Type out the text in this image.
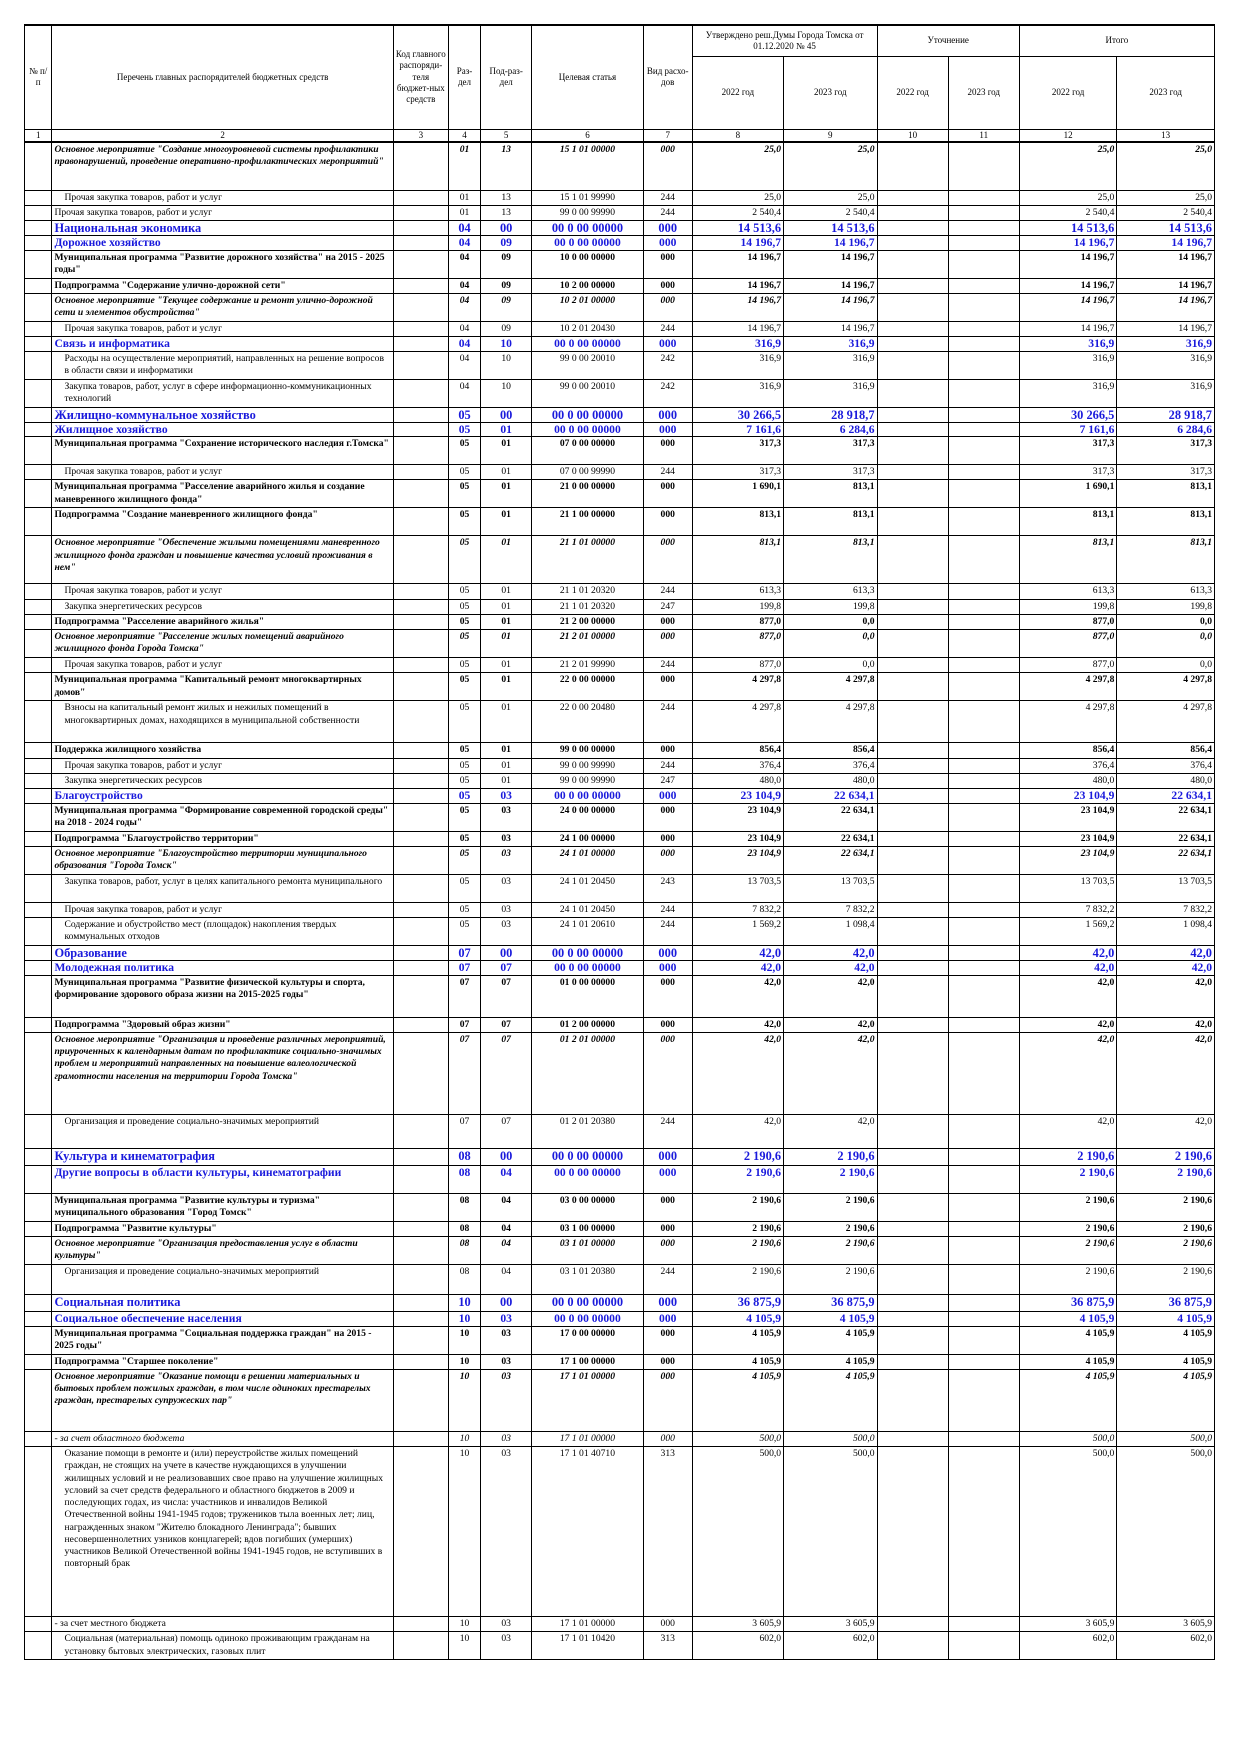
№ п/п	Перечень главных распорядителей бюджетных средств	Код главного распоряди-теля бюджет-ных средств	Раз-дел	Под-раз-дел	Целевая статья	Вид расхо-дов	Утверждено реш.Думы Города Томска от 01.12.2020 № 45		Уточнение		Итого	
							2022 год	2023 год	2022 год	2023 год	2022 год	2023 год
1	2	3	4	5	6	7	8	9	10	11	12	13
	Основное мероприятие "Создание многоуровневой системы профилактики правонарушений, проведение оперативно-профилактических мероприятий"		01	13	15 1 01 00000	000	25,0	25,0			25,0	25,0
	Прочая закупка товаров, работ и услуг		01	13	15 1 01 99990	244	25,0	25,0			25,0	25,0
	Прочая закупка товаров, работ и услуг		01	13	99 0 00 99990	244	2 540,4	2 540,4			2 540,4	2 540,4
	Национальная экономика		04	00	00 0 00 00000	000	14 513,6	14 513,6			14 513,6	14 513,6
	Дорожное хозяйство		04	09	00 0 00 00000	000	14 196,7	14 196,7			14 196,7	14 196,7
	Муниципальная программа "Развитие дорожного хозяйства" на 2015 - 2025 годы"		04	09	10 0 00 00000	000	14 196,7	14 196,7			14 196,7	14 196,7
	Подпрограмма "Содержание улично-дорожной сети"		04	09	10 2 00 00000	000	14 196,7	14 196,7			14 196,7	14 196,7
	Основное мероприятие "Текущее содержание и ремонт улично-дорожной сети и элементов обустройства"		04	09	10 2 01 00000	000	14 196,7	14 196,7			14 196,7	14 196,7
	Прочая закупка товаров, работ и услуг		04	09	10 2 01 20430	244	14 196,7	14 196,7			14 196,7	14 196,7
	Связь и информатика		04	10	00 0 00 00000	000	316,9	316,9			316,9	316,9
	Расходы на осуществление мероприятий, направленных на решение вопросов в области связи и информатики		04	10	99 0 00 20010	242	316,9	316,9			316,9	316,9
	Закупка товаров, работ, услуг в сфере информационно-коммуникационных технологий		04	10	99 0 00 20010	242	316,9	316,9			316,9	316,9
	Жилищно-коммунальное хозяйство		05	00	00 0 00 00000	000	30 266,5	28 918,7			30 266,5	28 918,7
	Жилищное хозяйство		05	01	00 0 00 00000	000	7 161,6	6 284,6			7 161,6	6 284,6
	Муниципальная программа "Сохранение исторического наследия г.Томска"		05	01	07 0 00 00000	000	317,3	317,3			317,3	317,3
	Прочая закупка товаров, работ и услуг		05	01	07 0 00 99990	244	317,3	317,3			317,3	317,3
	Муниципальная программа "Расселение аварийного жилья и создание маневренного жилищного фонда"		05	01	21 0 00 00000	000	1 690,1	813,1			1 690,1	813,1
	Подпрограмма "Создание маневренного жилищного фонда"		05	01	21 1 00 00000	000	813,1	813,1			813,1	813,1
	Основное мероприятие "Обеспечение жилыми помещениями маневренного жилищного фонда граждан и повышение качества условий проживания в нем"		05	01	21 1 01 00000	000	813,1	813,1			813,1	813,1
	Прочая закупка товаров, работ и услуг		05	01	21 1 01 20320	244	613,3	613,3			613,3	613,3
	Закупка энергетических ресурсов		05	01	21 1 01 20320	247	199,8	199,8			199,8	199,8
	Подпрограмма "Расселение аварийного жилья"		05	01	21 2 00 00000	000	877,0	0,0			877,0	0,0
	Основное мероприятие "Расселение жилых помещений аварийного жилищного фонда Города Томска"		05	01	21 2 01 00000	000	877,0	0,0			877,0	0,0
	Прочая закупка товаров, работ и услуг		05	01	21 2 01 99990	244	877,0	0,0			877,0	0,0
	Муниципальная программа "Капитальный ремонт многоквартирных домов"		05	01	22 0 00 00000	000	4 297,8	4 297,8			4 297,8	4 297,8
	Взносы на капитальный ремонт жилых и нежилых помещений в многоквартирных домах, находящихся в муниципальной собственности		05	01	22 0 00 20480	244	4 297,8	4 297,8			4 297,8	4 297,8
	Поддержка жилищного хозяйства		05	01	99 0 00 00000	000	856,4	856,4			856,4	856,4
	Прочая закупка товаров, работ и услуг		05	01	99 0 00 99990	244	376,4	376,4			376,4	376,4
	Закупка энергетических ресурсов		05	01	99 0 00 99990	247	480,0	480,0			480,0	480,0
	Благоустройство		05	03	00 0 00 00000	000	23 104,9	22 634,1			23 104,9	22 634,1
	Муниципальная программа "Формирование современной городской среды" на 2018 - 2024 годы"		05	03	24 0 00 00000	000	23 104,9	22 634,1			23 104,9	22 634,1
	Подпрограмма "Благоустройство территории"		05	03	24 1 00 00000	000	23 104,9	22 634,1			23 104,9	22 634,1
	Основное мероприятие "Благоустройство территории муниципального образования "Города Томск"		05	03	24 1 01 00000	000	23 104,9	22 634,1			23 104,9	22 634,1
	Закупка товаров, работ, услуг в целях капитального ремонта муниципального		05	03	24 1 01 20450	243	13 703,5	13 703,5			13 703,5	13 703,5
	Прочая закупка товаров, работ и услуг		05	03	24 1 01 20450	244	7 832,2	7 832,2			7 832,2	7 832,2
	Содержание и обустройство мест (площадок) накопления твердых коммунальных отходов		05	03	24 1 01 20610	244	1 569,2	1 098,4			1 569,2	1 098,4
	Образование		07	00	00 0 00 00000	000	42,0	42,0			42,0	42,0
	Молодежная политика		07	07	00 0 00 00000	000	42,0	42,0			42,0	42,0
	Муниципальная программа "Развитие физической культуры и спорта, формирование здорового образа жизни на 2015-2025 годы"		07	07	01 0 00 00000	000	42,0	42,0			42,0	42,0
	Подпрограмма "Здоровый образ жизни"		07	07	01 2 00 00000	000	42,0	42,0			42,0	42,0
	Основное мероприятие "Организация и проведение различных мероприятий, приуроченных к календарным датам по профилактике социально-значимых проблем и мероприятий направленных на повышение валеологической грамотности населения на территории Города Томска"		07	07	01 2 01 00000	000	42,0	42,0			42,0	42,0
	Организация и проведение социально-значимых мероприятий		07	07	01 2 01 20380	244	42,0	42,0			42,0	42,0
	Культура и кинематография		08	00	00 0 00 00000	000	2 190,6	2 190,6			2 190,6	2 190,6
	Другие вопросы в области культуры, кинематографии		08	04	00 0 00 00000	000	2 190,6	2 190,6			2 190,6	2 190,6
	Муниципальная программа "Развитие культуры и туризма" муниципального образования "Город Томск"		08	04	03 0 00 00000	000	2 190,6	2 190,6			2 190,6	2 190,6
	Подпрограмма "Развитие культуры"		08	04	03 1 00 00000	000	2 190,6	2 190,6			2 190,6	2 190,6
	Основное мероприятие "Организация предоставления услуг в области культуры"		08	04	03 1 01 00000	000	2 190,6	2 190,6			2 190,6	2 190,6
	Организация и проведение социально-значимых мероприятий		08	04	03 1 01 20380	244	2 190,6	2 190,6			2 190,6	2 190,6
	Социальная политика		10	00	00 0 00 00000	000	36 875,9	36 875,9			36 875,9	36 875,9
	Социальное обеспечение населения		10	03	00 0 00 00000	000	4 105,9	4 105,9			4 105,9	4 105,9
	Муниципальная программа "Социальная поддержка граждан" на 2015 - 2025 годы"		10	03	17 0 00 00000	000	4 105,9	4 105,9			4 105,9	4 105,9
	Подпрограмма "Старшее поколение"		10	03	17 1 00 00000	000	4 105,9	4 105,9			4 105,9	4 105,9
	Основное мероприятие "Оказание помощи в решении материальных и бытовых проблем пожилых граждан, в том числе одиноких престарелых граждан, престарелых супружеских пар"		10	03	17 1 01 00000	000	4 105,9	4 105,9			4 105,9	4 105,9
	- за счет областного бюджета		10	03	17 1 01 00000	000	500,0	500,0			500,0	500,0
	Оказание помощи в ремонте и (или) переустройстве жилых помещений граждан, не стоящих на учете в качестве нуждающихся в улучшении жилищных условий и не реализовавших свое право на улучшение жилищных условий за счет средств федерального и областного бюджетов в 2009 и последующих годах, из числа: участников и инвалидов Великой Отечественной войны 1941-1945 годов; тружеников тыла военных лет; лиц, награжденных знаком "Жителю блокадного Ленинграда"; бывших несовершеннолетних узников концлагерей; вдов погибших (умерших) участников Великой Отечественной войны 1941-1945 годов, не вступивших в повторный брак		10	03	17 1 01 40710	313	500,0	500,0			500,0	500,0
	- за счет местного бюджета		10	03	17 1 01 00000	000	3 605,9	3 605,9			3 605,9	3 605,9
	Социальная (материальная) помощь одиноко проживающим гражданам на установку бытовых электрических, газовых плит		10	03	17 1 01 10420	313	602,0	602,0			602,0	602,0
